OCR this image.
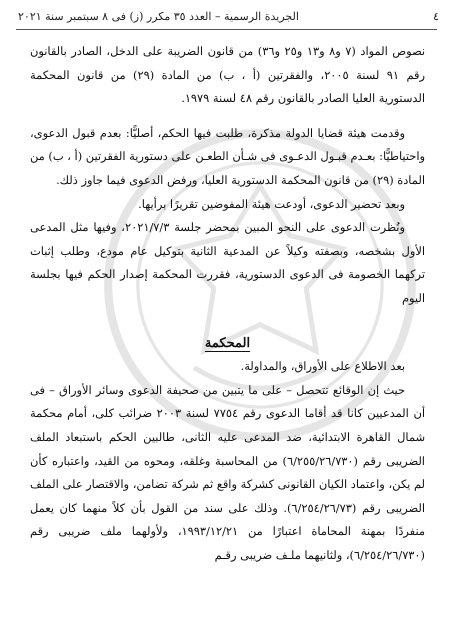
٤
الجريدة الرسمية – العدد ٣٥ مكرر (ز) فى ٨ سبتمبر سنة ٢٠٢١

نصوص المواد (٧ و٨ و١٣ و٢٥ و٣٦) من قانون الضريبة على الدخل، الصادر بالقانون رقم ٩١ لسنة ٢٠٠٥، والفقرتين (أ ، ب) من المادة (٢٩) من قانون المحكمة الدستورية العليا الصادر بالقانون رقم ٤٨ لسنة ١٩٧٩.

وقدمت هيئة قضايا الدولة مذكرة، طلبت فيها الحكم، أصليًّا: بعدم قبول الدعوى، واحتياطيًّا: بعـدم قبـول الدعـوى فى شـأن الطعـن على دستورية الفقرتين (أ ، ب) من المادة (٢٩) من قانون المحكمة الدستورية العليا، ورفض الدعوى فيما جاوز ذلك.

وبعد تحضير الدعوى، أودعت هيئة المفوضين تقريرًا برأيها.

ونُظرت الدعوى على النحو المبين بمحضر جلسة ٢٠٢١/٧/٣، وفيها مثل المدعى الأول بشخصه، وبصفته وكيلاً عن المدعية الثانية بتوكيل عام مودع، وطلب إثبات تركهما الخصومة فى الدعوى الدستورية، فقررت المحكمة إصدار الحكم فيها بجلسة اليوم

المحكمة

بعد الاطلاع على الأوراق، والمداولة.

حيث إن الوقائع تتحصل – على ما يتبين من صحيفة الدعوى وسائر الأوراق – فى أن المدعيين كانا قد أقاما الدعوى رقم ٧٧٥٤ لسنة ٢٠٠٣ ضرائب كلى، أمام محكمة شمال القاهرة الابتدائية، ضد المدعى عليه الثانى، طالبين الحكم باستبعاد الملف الضريبى رقم (٦/٢٥٥/٢٦/٧٣٠) من المحاسبة وغلقه، ومحوه من القيد، واعتباره كأن لم يكن، واعتماد الكيان القانونى كشركة واقع ثم شركة تضامن، والاقتصار على الملف الضريبى رقم (٦/٢٥٤/٢٦/٧٣). وذلك على سند من القول بأن كلاً منهما كان يعمل منفردًا بمهنة المحاماة اعتبارًا من ١٩٩٣/١٢/٢١، ولأولهما ملف ضريبى رقم (٦/٢٥٤/٢٦/٧٣٠)، ولثانيهما ملـف ضريبى رقـم
